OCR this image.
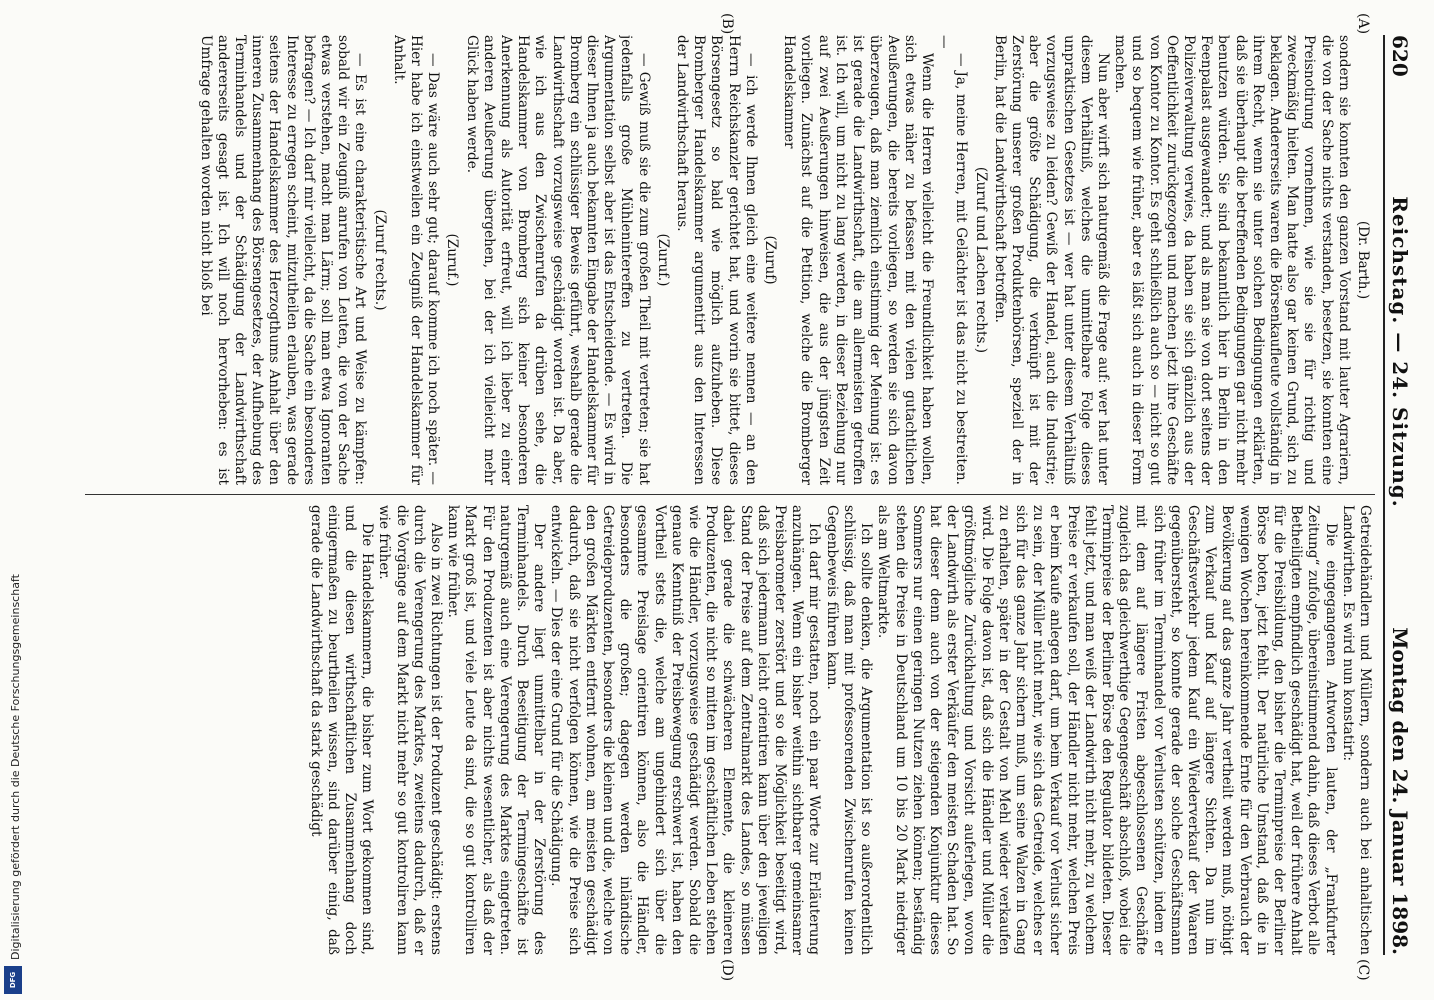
620
Reichstag. — 24. Sitzung.
Montag den 24. Januar 1898.
(A)
(B)
(C)
(D)

(Dr. Barth.)

sondern sie konnten den ganzen Vorstand mit lauter Agrariern, die von der Sache nichts verstanden, besetzen, sie konnten eine Preisnotirung vornehmen, wie sie sie für richtig und zweckmäßig hielten. Man hatte also gar keinen Grund, sich zu beklagen. Andererseits waren die Börsenkaufleute vollständig in ihrem Recht, wenn sie unter solchen Bedingungen erklärten, daß sie überhaupt die betreffenden Bedingungen gar nicht mehr benutzen würden. Sie sind bekanntlich hier in Berlin in den Feenpalast ausgewandert; und als man sie von dort seitens der Polizeiverwaltung verwies, da haben sie sich gänzlich aus der Oeffentlichkeit zurückgezogen und machen jetzt ihre Geschäfte von Kontor zu Kontor. Es geht schließlich auch so — nicht so gut und so bequem wie früher, aber es läßt sich auch in dieser Form machen.

Nun aber wirft sich naturgemäß die Frage auf: wer hat unter diesem Verhältniß, welches die unmittelbare Folge dieses unpraktischen Gesetzes ist — wer hat unter diesem Verhältniß vorzugsweise zu leiden? Gewiß der Handel, auch die Industrie; aber die größte Schädigung, die verknüpft ist mit der Zerstörung unserer großen Produktenbörsen, speziell der in Berlin, hat die Landwirthschaft betroffen.

(Zuruf und Lachen rechts.)

— Ja, meine Herren, mit Gelächter ist das nicht zu bestreiten. —

Wenn die Herren vielleicht die Freundlichkeit haben wollen, sich etwas näher zu befassen mit den vielen gutachtlichen Aeußerungen, die bereits vorliegen, so werden sie sich davon überzeugen, daß man ziemlich einstimmig der Meinung ist: es ist gerade die Landwirthschaft, die am allermeisten getroffen ist. Ich will, um nicht zu lang werden, in dieser Beziehung nur auf zwei Aeußerungen hinweisen, die aus der jüngsten Zeit vorliegen. Zunächst auf die Petition, welche die Bromberger Handelskammer

(Zuruf)

— ich werde Ihnen gleich eine weitere nennen — an den Herrn Reichskanzler gerichtet hat, und worin sie bittet, dieses Börsengesetz so bald wie möglich aufzuheben. Diese Bromberger Handelskammer argumentirt aus den Interessen der Landwirthschaft heraus.

(Zuruf.)

— Gewiß muß sie die zum großen Theil mit vertreten; sie hat jedenfalls große Mühlenintereffen zu vertreten. Die Argumentation selbst aber ist das Entscheidende. — Es wird in dieser Ihnen ja auch bekannten Eingabe der Handelskammer für Bromberg ein schlüssiger Beweis geführt, weshalb gerade die Landwirthschaft vorzugsweise geschädigt worden ist. Da aber, wie ich aus den Zwischenrufen da drüben sehe, die Handelskammer von Bromberg sich keiner besonderen Anerkennung als Autorität erfreut, will ich lieber zu einer anderen Aeußerung übergehen, bei der ich vielleicht mehr Glück haben werde.

(Zuruf.)

— Das wäre auch sehr gut; darauf komme ich noch später. — Hier habe ich einstweilen ein Zeugniß der Handelskammer für Anhalt.

(Zuruf rechts.)

— Es ist eine charakteristische Art und Weise zu kämpfen: sobald wir ein Zeugniß anrufen von Leuten, die von der Sache etwas verstehen, macht man Lärm; soll man etwa Ignoranten befragen? — Ich darf mir vielleicht, da die Sache ein besonderes Interesse zu erregen scheint, mitzutheilen erlauben, was gerade seitens der Handelskammer des Herzogthums Anhalt über den inneren Zusammenhang des Börsengesetzes, der Aufhebung des Terminhandels und der Schädigung der Landwirthschaft andererseits gesagt ist. Ich will noch hervorheben: es ist Umfrage gehalten worden nicht bloß bei

Getreidehändlern und Müllern, sondern auch bei anhaltischen Landwirthen. Es wird nun konstatirt:

Die eingegangenen Antworten lauten, der „Frankfurter Zeitung“ zufolge, übereinstimmend dahin, daß dieses Verbot alle Betheiligten empfindlich geschädigt hat, weil der frühere Anhalt für die Preisbildung, den bisher die Terminpreise der Berliner Börse boten, jetzt fehlt. Der natürliche Umstand, daß die in wenigen Wochen hereinkommende Ernte für den Verbrauch der Bevölkerung auf das ganze Jahr vertheilt werden muß, nöthigt zum Verkauf und Kauf auf längere Sichten. Da nun im Geschäftsverkehr jedem Kauf ein Wiederverkauf der Waaren gegenübersteht, so konnte gerade der solche Geschäftsmann sich früher im Terminhandel vor Verlusten schützen, indem er mit dem auf längere Fristen abgeschlossenen Geschäfte zugleich das gleichwerthige Gegengeschäft abschloß, wobei die Terminpreise der Berliner Börse den Regulator bildeten. Dieser fehlt jetzt, und man weiß der Landwirth nicht mehr, zu welchem Preise er verkaufen soll, der Händler nicht mehr, welchen Preis er beim Kaufe anlegen darf, um beim Verkauf vor Verlust sicher zu sein, der Müller nicht mehr, wie sich das Getreide, welches er sich für das ganze Jahr sichern muß, um seine Walzen in Gang zu erhalten, später in der Gestalt von Mehl wieder verkaufen wird. Die Folge davon ist, daß sich die Händler und Müller die größtmögliche Zurückhaltung und Vorsicht auferlegen, wovon der Landwirth als erster Verkäufer den meisten Schaden hat. So hat dieser denn auch von der steigenden Konjunktur dieses Sommers nur einen geringen Nutzen ziehen können; beständig stehen die Preise in Deutschland um 10 bis 20 Mark niedriger als am Weltmarkte.

Ich sollte denken, die Argumentation ist so außerordentlich schlüssig, daß man mit professorenden Zwischenrufen keinen Gegenbeweis führen kann.

Ich darf mir gestatten, noch ein paar Worte zur Erläuterung anzuhängen. Wenn ein bisher weithin sichtbarer gemeinsamer Preisbarometer zerstört und so die Möglichkeit beseitigt wird, daß sich jedermann leicht orientiren kann über den jeweiligen Stand der Preise auf dem Zentralmarkt des Landes, so müssen dabei gerade die schwächeren Elemente, die kleineren Produzenten, die nicht so mitten im geschäftlichen Leben stehen wie die Händler, vorzugsweise geschädigt werden. Sobald die genaue Kenntniß der Preisbewegung erschwert ist, haben den Vortheil stets die, welche am ungehindert sich über die gesammte Preislage orientiren können, also die Händler, besonders die großen; dagegen werden inländische Getreideproduzenten, besonders die kleinen und die, welche von den großen Märkten entfernt wohnen, am meisten geschädigt dadurch, daß sie nicht verfolgen können, wie die Preise sich entwickeln. — Dies der eine Grund für die Schädigung.

Der andere liegt unmittelbar in der Zerstörung des Terminhandels. Durch Beseitigung der Termingeschäfte ist naturgemäß auch eine Verengerung des Marktes eingetreten. Für den Produzenten ist aber nichts wesentlicher, als daß der Markt groß ist, und viele Leute da sind, die so gut kontrolliren kann wie früher.

Also in zwei Richtungen ist der Produzent geschädigt: erstens durch die Verengerung des Marktes, zweitens dadurch, daß er die Vorgänge auf dem Markt nicht mehr so gut kontroliren kann wie früher.

Die Handelskammern, die bisher zum Wort gekommen sind, und die diesen wirthschaftlichen Zusammenhang doch einigermaßen zu beurtheilen wissen, sind darüber einig, daß gerade die Landwirthschaft da stark geschädigt

Digitalisierung gefördert durch die Deutsche Forschungsgemeinschaft
DFG
